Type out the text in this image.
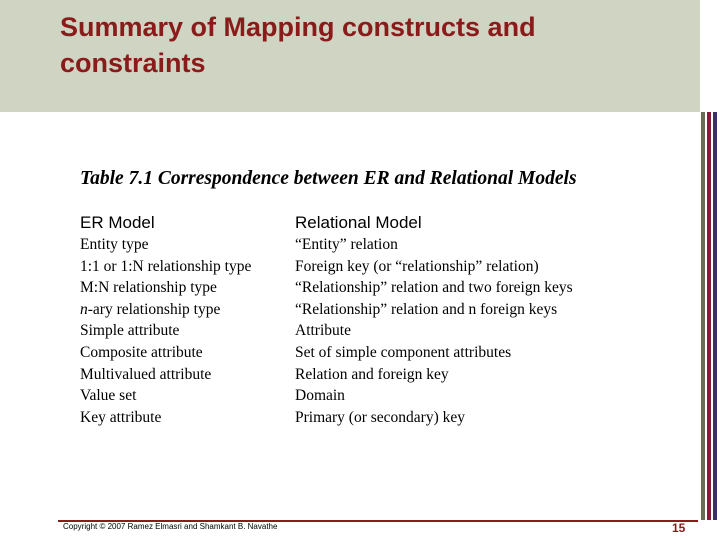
Summary of Mapping constructs and constraints

Table 7.1 Correspondence between ER and Relational Models

ER Model	Relational Model
Entity type	“Entity” relation
1:1 or 1:N relationship type	Foreign key (or “relationship” relation)
M:N relationship type	“Relationship” relation and two foreign keys
n-ary relationship type	“Relationship” relation and n foreign keys
Simple attribute	Attribute
Composite attribute	Set of simple component attributes
Multivalued attribute	Relation and foreign key
Value set	Domain
Key attribute	Primary (or secondary) key
Copyright © 2007 Ramez Elmasri and Shamkant B. Navathe	15
